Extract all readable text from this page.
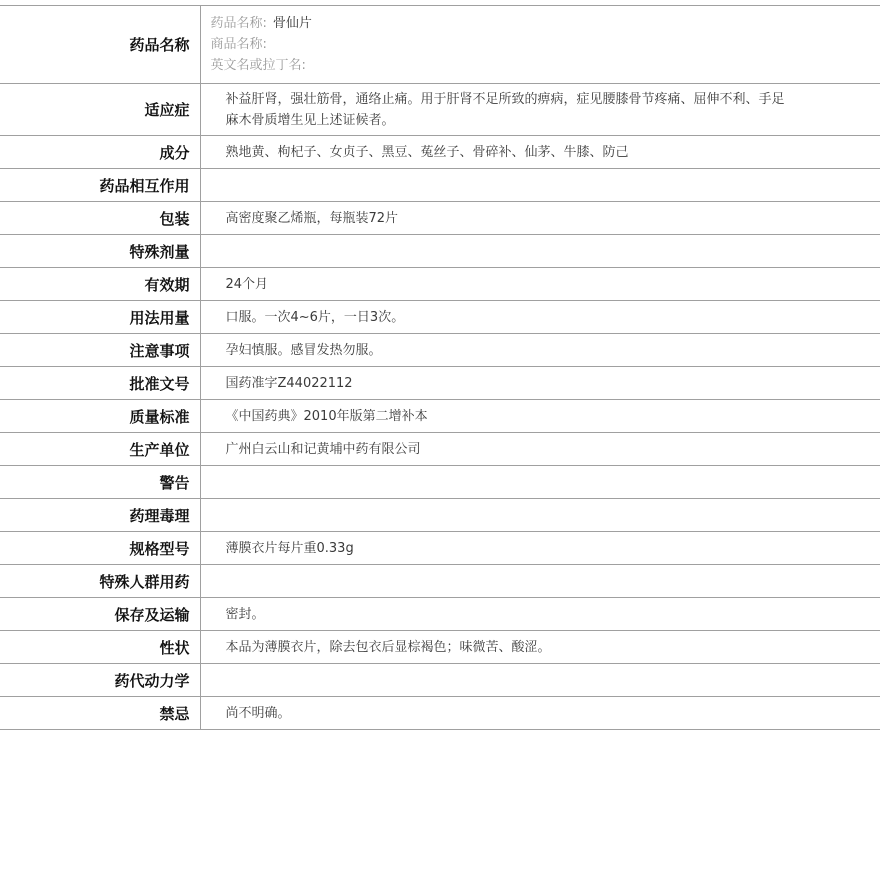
药品名称	药品名称: 骨仙片
商品名称:
英文名或拉丁名:

适应症	补益肝肾，强壮筋骨，通络止痛。用于肝肾不足所致的痹病，症见腰膝骨节疼痛、屈伸不利、手足麻木骨质增生见上述证候者。
成分	熟地黄、枸杞子、女贞子、黑豆、菟丝子、骨碎补、仙茅、牛膝、防己
药品相互作用	
包装	高密度聚乙烯瓶，每瓶装72片
特殊剂量	
有效期	24个月
用法用量	口服。一次4~6片，一日3次。
注意事项	孕妇慎服。感冒发热勿服。
批准文号	国药准字Z44022112
质量标准	《中国药典》2010年版第二增补本
生产单位	广州白云山和记黄埔中药有限公司
警告	
药理毒理	
规格型号	薄膜衣片每片重0.33g
特殊人群用药	
保存及运输	密封。
性状	本品为薄膜衣片，除去包衣后显棕褐色；味微苦、酸涩。
药代动力学	
禁忌	尚不明确。
